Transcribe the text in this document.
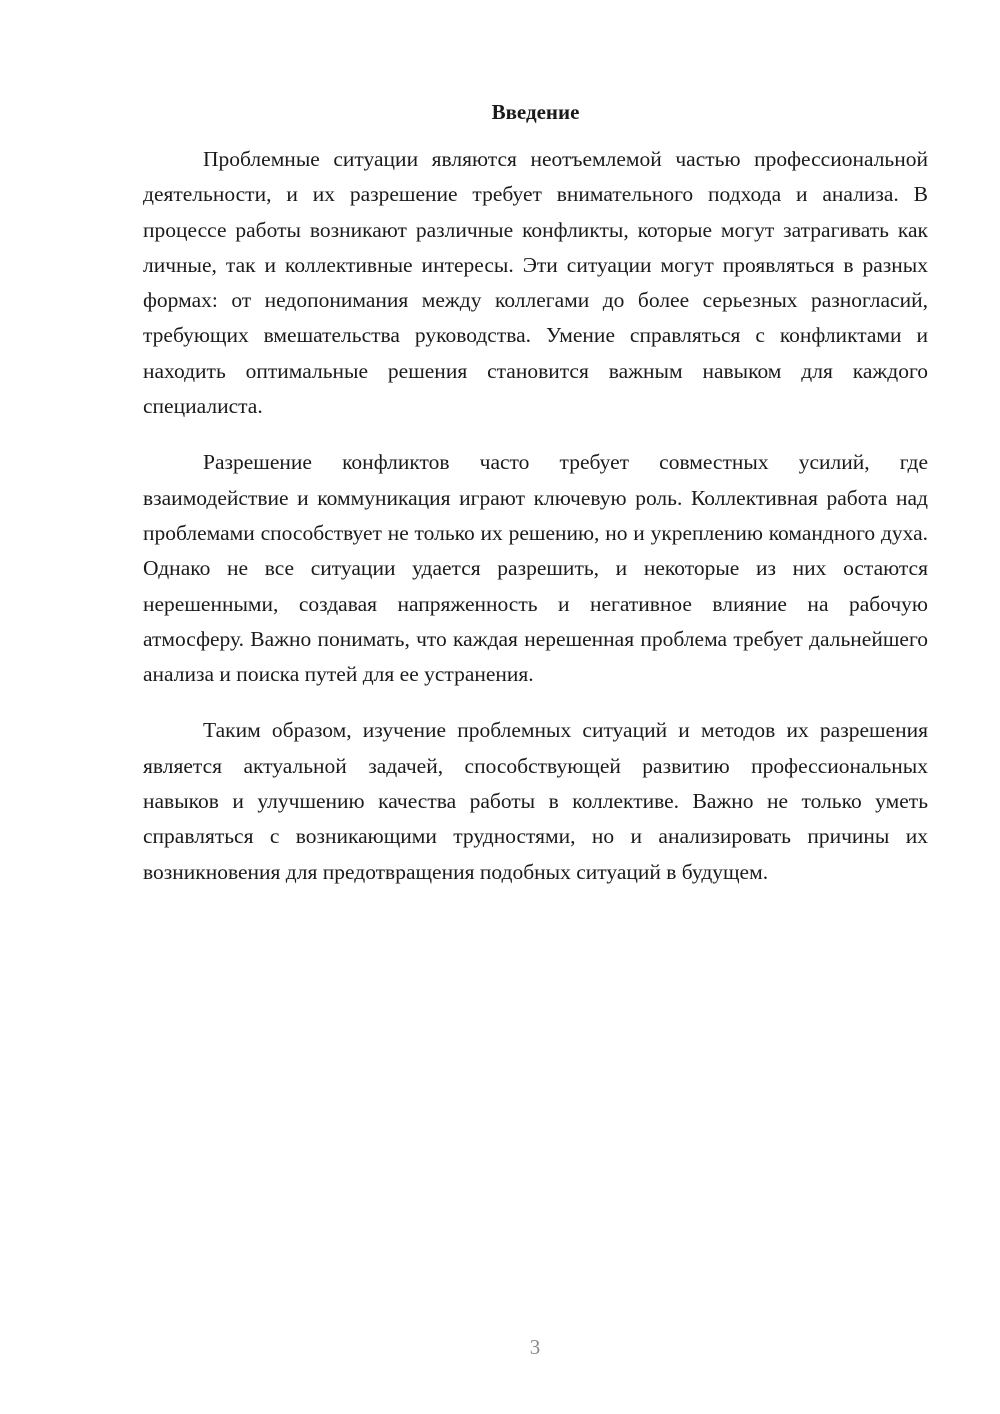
Введение

Проблемные ситуации являются неотъемлемой частью профессиональной деятельности, и их разрешение требует внимательного подхода и анализа. В процессе работы возникают различные конфликты, которые могут затрагивать как личные, так и коллективные интересы. Эти ситуации могут проявляться в разных формах: от недопонимания между коллегами до более серьезных разногласий, требующих вмешательства руководства. Умение справляться с конфликтами и находить оптимальные решения становится важным навыком для каждого специалиста.

Разрешение конфликтов часто требует совместных усилий, где взаимодействие и коммуникация играют ключевую роль. Коллективная работа над проблемами способствует не только их решению, но и укреплению командного духа. Однако не все ситуации удается разрешить, и некоторые из них остаются нерешенными, создавая напряженность и негативное влияние на рабочую атмосферу. Важно понимать, что каждая нерешенная проблема требует дальнейшего анализа и поиска путей для ее устранения.

Таким образом, изучение проблемных ситуаций и методов их разрешения является актуальной задачей, способствующей развитию профессиональных навыков и улучшению качества работы в коллективе. Важно не только уметь справляться с возникающими трудностями, но и анализировать причины их возникновения для предотвращения подобных ситуаций в будущем.

3
